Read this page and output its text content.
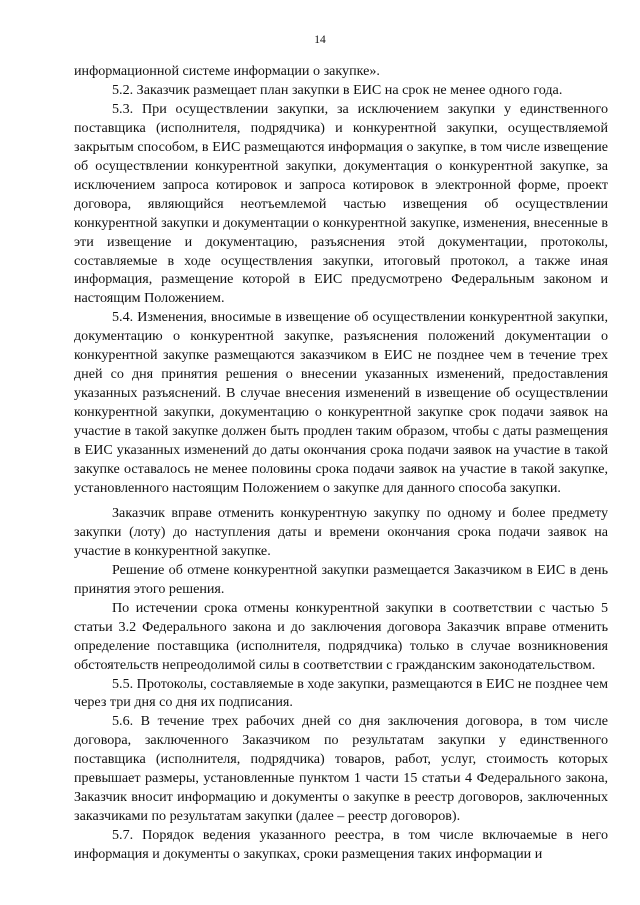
14

информационной системе информации о закупке».

5.2. Заказчик размещает план закупки в ЕИС на срок не менее одного года.

5.3. При осуществлении закупки, за исключением закупки у единственного поставщика (исполнителя, подрядчика) и конкурентной закупки, осуществляемой закрытым способом, в ЕИС размещаются информация о закупке, в том числе извещение об осуществлении конкурентной закупки, документация о конкурентной закупке, за исключением запроса котировок и запроса котировок в электронной форме, проект договора, являющийся неотъемлемой частью извещения об осуществлении конкурентной закупки и документации о конкурентной закупке, изменения, внесенные в эти извещение и документацию, разъяснения этой документации, протоколы, составляемые в ходе осуществления закупки, итоговый протокол, а также иная информация, размещение которой в ЕИС предусмотрено Федеральным законом и настоящим Положением.

5.4. Изменения, вносимые в извещение об осуществлении конкурентной закупки, документацию о конкурентной закупке, разъяснения положений документации о конкурентной закупке размещаются заказчиком в ЕИС не позднее чем в течение трех дней со дня принятия решения о внесении указанных изменений, предоставления указанных разъяснений. В случае внесения изменений в извещение об осуществлении конкурентной закупки, документацию о конкурентной закупке срок подачи заявок на участие в такой закупке должен быть продлен таким образом, чтобы с даты размещения в ЕИС указанных изменений до даты окончания срока подачи заявок на участие в такой закупке оставалось не менее половины срока подачи заявок на участие в такой закупке, установленного настоящим Положением о закупке для данного способа закупки.

Заказчик вправе отменить конкурентную закупку по одному и более предмету закупки (лоту) до наступления даты и времени окончания срока подачи заявок на участие в конкурентной закупке.

Решение об отмене конкурентной закупки размещается Заказчиком в ЕИС в день принятия этого решения.

По истечении срока отмены конкурентной закупки в соответствии с частью 5 статьи 3.2 Федерального закона и до заключения договора Заказчик вправе отменить определение поставщика (исполнителя, подрядчика) только в случае возникновения обстоятельств непреодолимой силы в соответствии с гражданским законодательством.

5.5. Протоколы, составляемые в ходе закупки, размещаются в ЕИС не позднее чем через три дня со дня их подписания.

5.6. В течение трех рабочих дней со дня заключения договора, в том числе договора, заключенного Заказчиком по результатам закупки у единственного поставщика (исполнителя, подрядчика) товаров, работ, услуг, стоимость которых превышает размеры, установленные пунктом 1 части 15 статьи 4 Федерального закона, Заказчик вносит информацию и документы о закупке в реестр договоров, заключенных заказчиками по результатам закупки (далее – реестр договоров).

5.7. Порядок ведения указанного реестра, в том числе включаемые в него информация и документы о закупках, сроки размещения таких информации и
